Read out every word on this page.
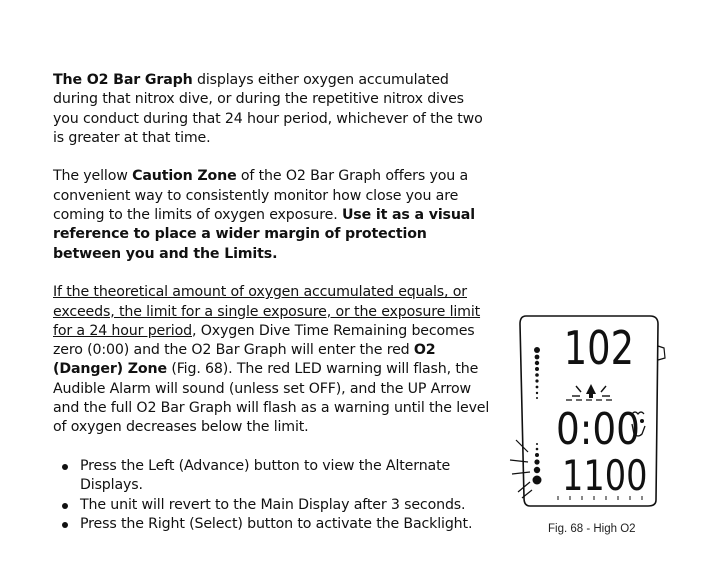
The O2 Bar Graph displays either oxygen accumulated during that nitrox dive, or during the repetitive nitrox dives you conduct during that 24 hour period, whichever of the two is greater at that time.

The yellow Caution Zone of the O2 Bar Graph offers you a convenient way to consistently monitor how close you are coming to the limits of oxygen exposure. Use it as a visual reference to place a wider margin of protection between you and the Limits.

If the theoretical amount of oxygen accumulated equals, or exceeds, the limit for a single exposure, or the exposure limit for a 24 hour period, Oxygen Dive Time Remaining becomes zero (0:00) and the O2 Bar Graph will enter the red O2 (Danger) Zone (Fig. 68). The red LED warning will flash, the Audible Alarm will sound (unless set OFF), and the UP Arrow and the full O2 Bar Graph will flash as a warning until the level of oxygen decreases below the limit.

Press the Left (Advance) button to view the Alternate Displays.
The unit will revert to the Main Display after 3 seconds.
Press the Right (Select) button to activate the Backlight.
102
0:00
1100
Fig. 68 - High O2
